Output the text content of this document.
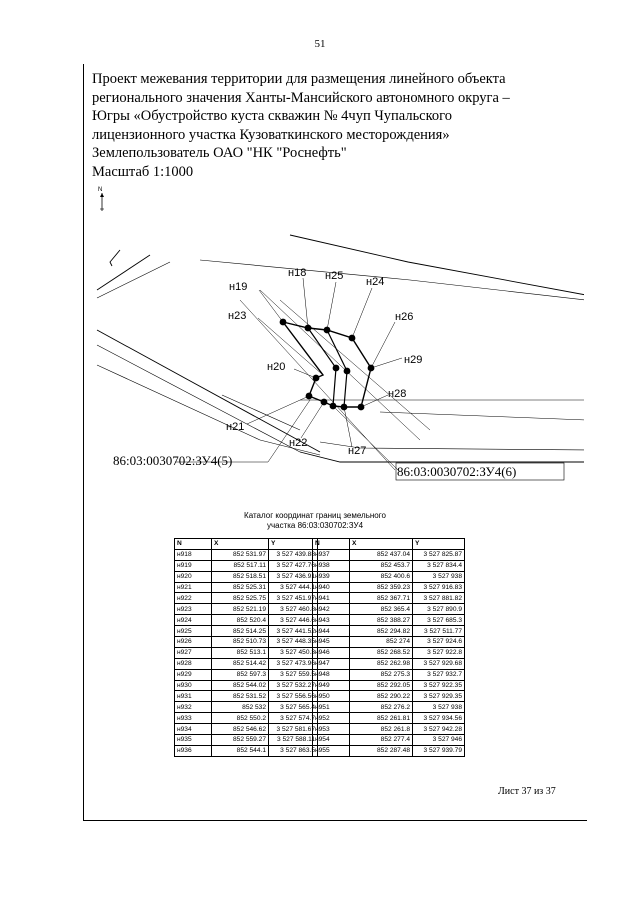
51
Проект межевания территории для размещения линейного объекта
регионального значения Ханты-Мансийского автономного округа –
Югры «Обустройство куста скважин № 4чуп Чупальского
лицензионного участка Кузоваткинского месторождения»
Землепользователь ОАО "НК "Роснефть"
Масштаб 1:1000
N
н19
н18 н25 н24
н23	н26
н29
н20
н28
н21
н22
н27
86:03:0030702:ЗУ4(5)
86:03:0030702:ЗУ4(6)
Каталог координат границ земельного
участка 86:03:030702:ЗУ4
N	X	Y
н918	852 531.97	3 527 439.88
н919	852 517.11	3 527 427.76
н920	852 518.51	3 527 436.91
н921	852 525.31	3 527 444.1
н922	852 525.75	3 527 451.97
н923	852 521.19	3 527 460.8
н924	852 520.4	3 527 446.6
н925	852 514.25	3 527 441.52
н926	852 510.73	3 527 448.35
н927	852 513.1	3 527 450.3
н928	852 514.42	3 527 473.96
н929	852 597.3	3 527 559.5
н930	852 544.02	3 527 532.27
н931	852 531.52	3 527 556.56
н932	852 532	3 527 565.4
н933	852 550.2	3 527 574.7
н934	852 546.62	3 527 581.67
н935	852 559.27	3 527 588.11
н936	852 544.1	3 527 863.5
N	X	Y
н937	852 437.04	3 527 825.87
н938	852 453.7	3 527 834.4
н939	852 400.6	3 527 938
н940	852 359.23	3 527 916.83
н941	852 367.71	3 527 881.82
н942	852 365.4	3 527 890.9
н943	852 388.27	3 527 685.3
н944	852 294.82	3 527 511.77
н945	852 274	3 527 924.6
н946	852 268.52	3 527 922.8
н947	852 262.98	3 527 929.68
н948	852 275.3	3 527 932.7
н949	852 292.05	3 527 922.35
н950	852 290.22	3 527 929.35
н951	852 276.2	3 527 938
н952	852 261.81	3 527 934.56
н953	852 261.8	3 527 942.28
н954	852 277.4	3 527 946
н955	852 287.48	3 527 939.79
Лист 37 из 37
